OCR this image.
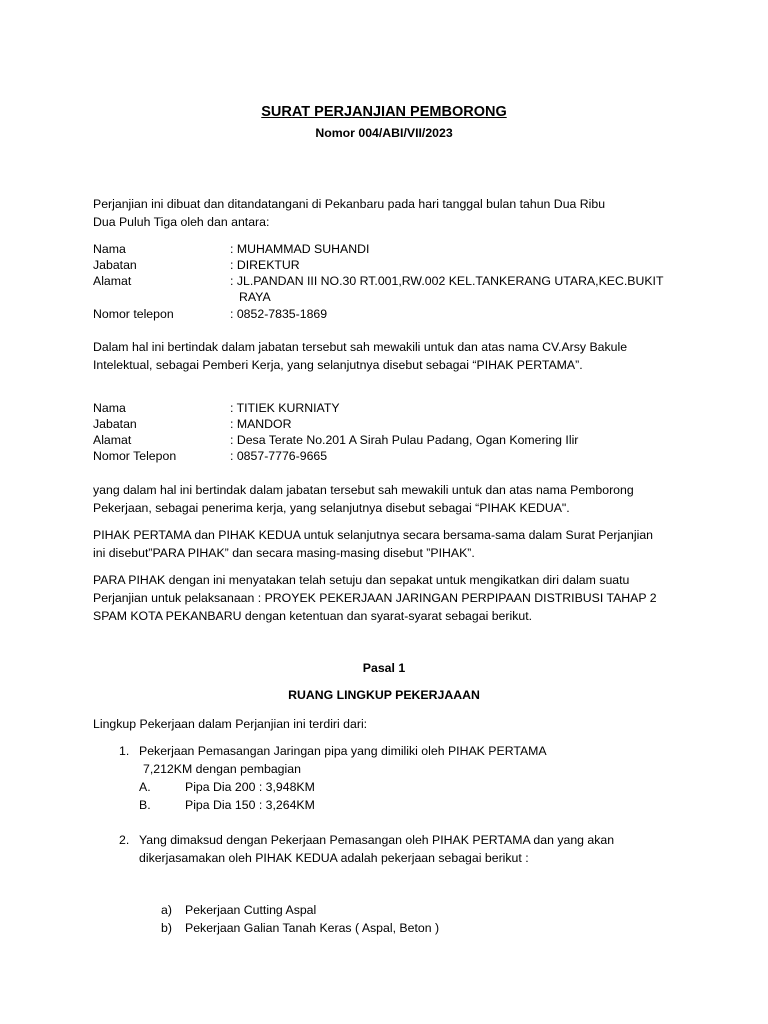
SURAT PERJANJIAN PEMBORONG
Nomor 004/ABI/VII/2023
Perjanjian ini dibuat dan ditandatangani di Pekanbaru pada hari tanggal bulan tahun Dua Ribu
Dua Puluh Tiga oleh dan antara:
Nama	: MUHAMMAD SUHANDI
Jabatan	: DIREKTUR
Alamat	: JL.PANDAN III NO.30 RT.001,RW.002 KEL.TANKERANG UTARA,KEC.BUKIT
RAYA
Nomor telepon	: 0852-7835-1869
Dalam hal ini bertindak dalam jabatan tersebut sah mewakili untuk dan atas nama CV.Arsy Bakule
Intelektual, sebagai Pemberi Kerja, yang selanjutnya disebut sebagai “PIHAK PERTAMA”.
Nama	: TITIEK KURNIATY
Jabatan	: MANDOR
Alamat	: Desa Terate No.201 A Sirah Pulau Padang, Ogan Komering Ilir
Nomor Telepon	: 0857-7776-9665
yang dalam hal ini bertindak dalam jabatan tersebut sah mewakili untuk dan atas nama Pemborong
Pekerjaan, sebagai penerima kerja, yang selanjutnya disebut sebagai “PIHAK KEDUA".
PIHAK PERTAMA dan PIHAK KEDUA untuk selanjutnya secara bersama-sama dalam Surat Perjanjian
ini disebut”PARA PIHAK” dan secara masing-masing disebut ”PIHAK”.
PARA PIHAK dengan ini menyatakan telah setuju dan sepakat untuk mengikatkan diri dalam suatu
Perjanjian untuk pelaksanaan : PROYEK PEKERJAAN JARINGAN PERPIPAAN DISTRIBUSI TAHAP 2
SPAM KOTA PEKANBARU dengan ketentuan dan syarat-syarat sebagai berikut.
Pasal 1
RUANG LINGKUP PEKERJAAAN
Lingkup Pekerjaan dalam Perjanjian ini terdiri dari:
1. Pekerjaan Pemasangan Jaringan pipa yang dimiliki oleh PIHAK PERTAMA
7,212KM dengan pembagian
A.	Pipa Dia 200 : 3,948KM
B.	Pipa Dia 150 : 3,264KM
2. Yang dimaksud dengan Pekerjaan Pemasangan oleh PIHAK PERTAMA dan yang akan
dikerjasamakan oleh PIHAK KEDUA adalah pekerjaan sebagai berikut :
a) Pekerjaan Cutting Aspal
b) Pekerjaan Galian Tanah Keras ( Aspal, Beton )
